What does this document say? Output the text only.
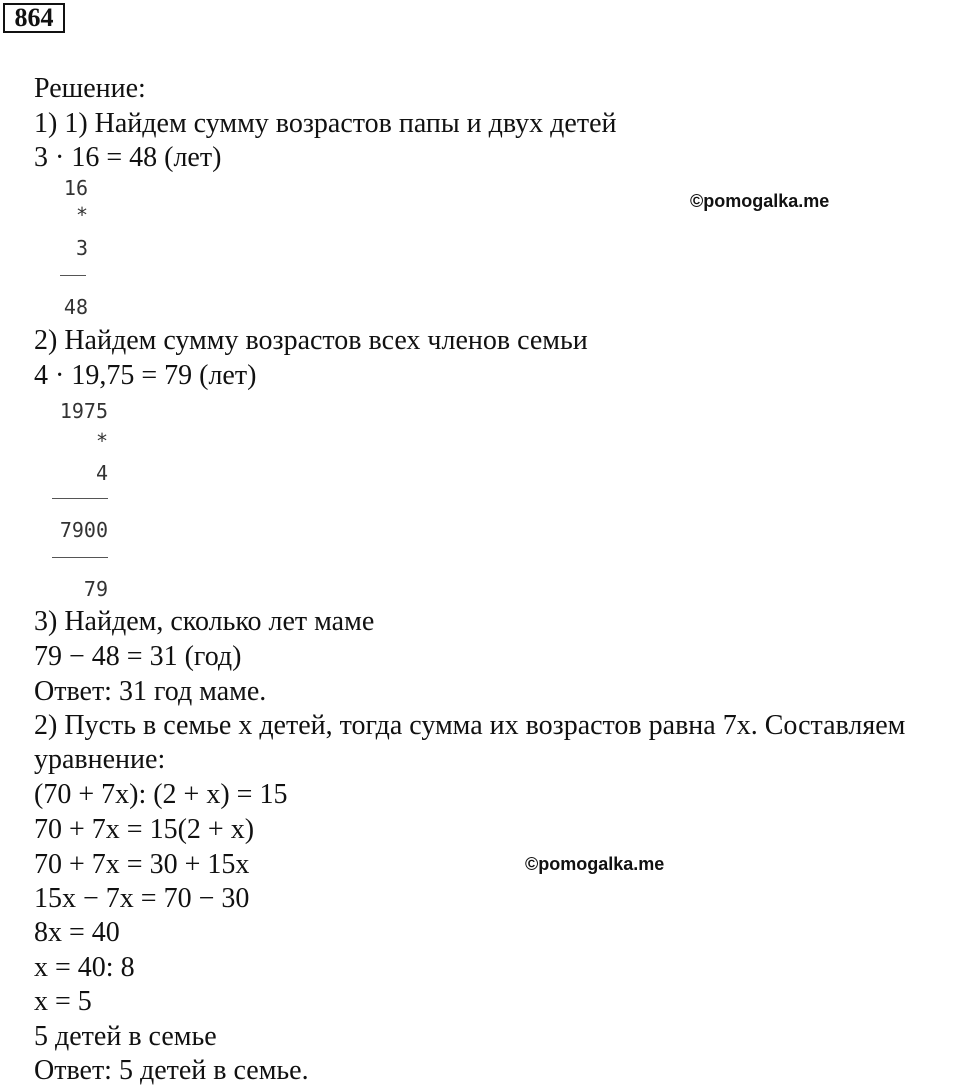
864
Решение:
1) 1) Найдем сумму возрастов папы и двух детей
3 · 16 = 48 (лет)
16
*
3
48
©pomogalka.me
2) Найдем сумму возрастов всех членов семьи
4 · 19,75 = 79 (лет)
1975
*
4
7900
79
3) Найдем, сколько лет маме
79 − 48 = 31 (год)
Ответ: 31 год маме.
2) Пусть в семье x детей, тогда сумма их возрастов равна 7x. Составляем
уравнение:
(70 + 7x): (2 + x) = 15
70 + 7x = 15(2 + x)
70 + 7x = 30 + 15x
15x − 7x = 70 − 30
8x = 40
x = 40: 8
x = 5
5 детей в семье
Ответ: 5 детей в семье.
©pomogalka.me
